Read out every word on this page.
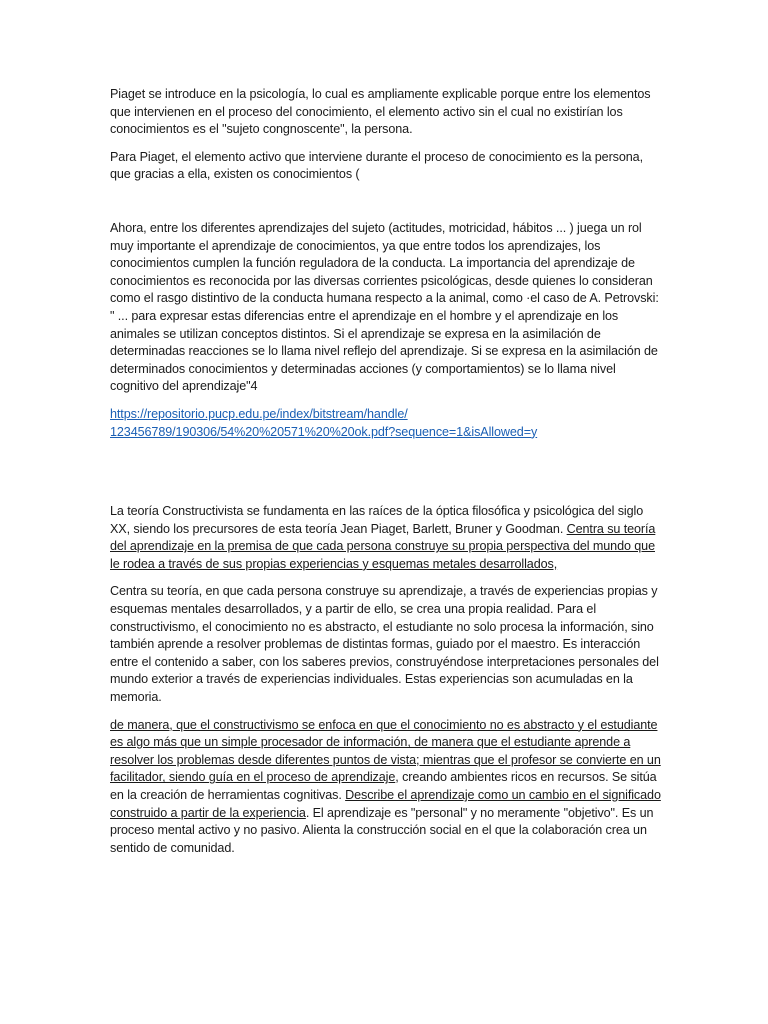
Piaget se introduce en la psicología, lo cual es ampliamente explicable porque entre los elementos que intervienen en el proceso del conocimiento, el elemento activo sin el cual no existirían los conocimientos es el "sujeto congnoscente", la persona.

Para Piaget, el elemento activo que interviene durante el proceso de conocimiento es la persona, que gracias a ella, existen os conocimientos (

Ahora, entre los diferentes aprendizajes del sujeto (actitudes, motricidad, hábitos ... ) juega un rol muy importante el aprendizaje de conocimientos, ya que entre todos los aprendizajes, los conocimientos cumplen la función reguladora de la conducta. La importancia del aprendizaje de conocimientos es reconocida por las diversas corrientes psicológicas, desde quienes lo consideran como el rasgo distintivo de la conducta humana respecto a la animal, como ·el caso de A. Petrovski: " ... para expresar estas diferencias entre el aprendizaje en el hombre y el aprendizaje en los animales se utilizan conceptos distintos. Si el aprendizaje se expresa en la asimilación de determinadas reacciones se lo llama nivel reflejo del aprendizaje. Si se expresa en la asimilación de determinados conocimientos y determinadas acciones (y comportamientos) se lo llama nivel cognitivo del aprendizaje"4

https://repositorio.pucp.edu.pe/index/bitstream/handle/
123456789/190306/54%20%20571%20%20ok.pdf?sequence=1&isAllowed=y

La teoría Constructivista se fundamenta en las raíces de la óptica filosófica y psicológica del siglo XX, siendo los precursores de esta teoría Jean Piaget, Barlett, Bruner y Goodman. Centra su teoría del aprendizaje en la premisa de que cada persona construye su propia perspectiva del mundo que le rodea a través de sus propias experiencias y esquemas metales desarrollados,

Centra su teoría, en que cada persona construye su aprendizaje, a través de experiencias propias y esquemas mentales desarrollados, y a partir de ello, se crea una propia realidad. Para el constructivismo, el conocimiento no es abstracto, el estudiante no solo procesa la información, sino también aprende a resolver problemas de distintas formas, guiado por el maestro. Es interacción entre el contenido a saber, con los saberes previos, construyéndose interpretaciones personales del mundo exterior a través de experiencias individuales. Estas experiencias son acumuladas en la memoria.

de manera, que el constructivismo se enfoca en que el conocimiento no es abstracto y el estudiante es algo más que un simple procesador de información, de manera que el estudiante aprende a resolver los problemas desde diferentes puntos de vista; mientras que el profesor se convierte en un facilitador, siendo guía en el proceso de aprendizaje, creando ambientes ricos en recursos. Se sitúa en la creación de herramientas cognitivas. Describe el aprendizaje como un cambio en el significado construido a partir de la experiencia. El aprendizaje es "personal" y no meramente "objetivo". Es un proceso mental activo y no pasivo. Alienta la construcción social en el que la colaboración crea un sentido de comunidad.
